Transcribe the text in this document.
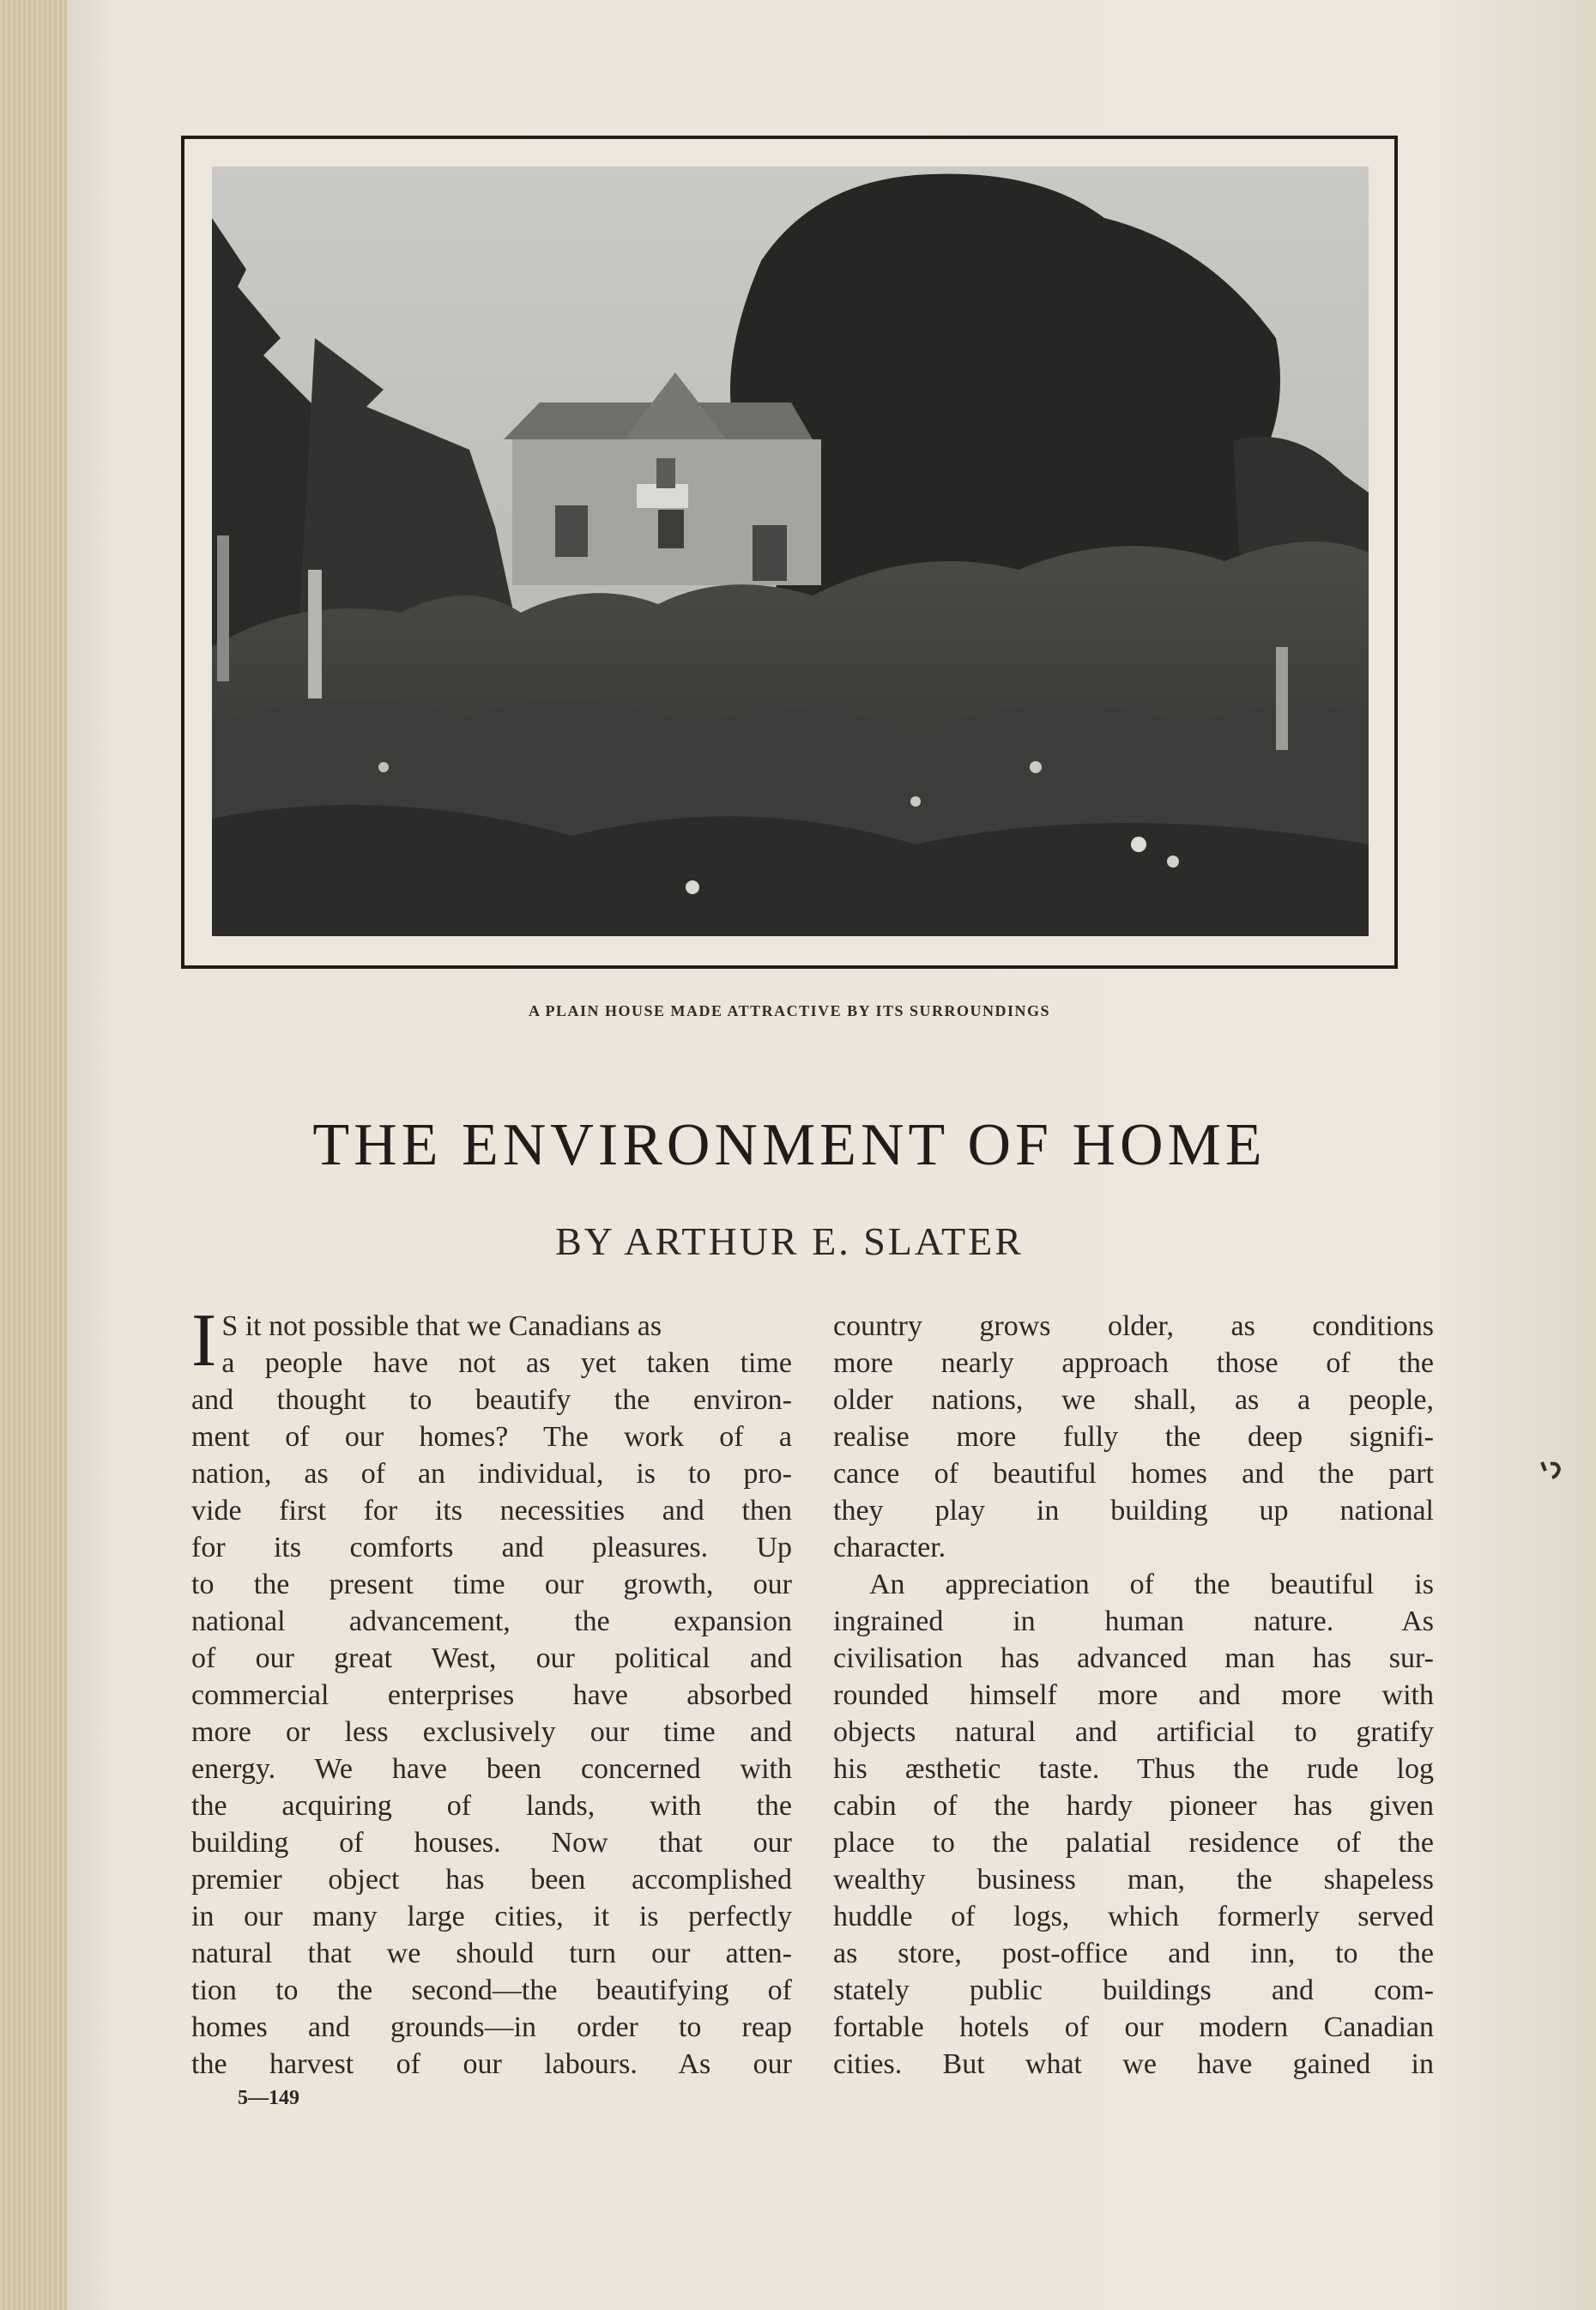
A PLAIN HOUSE MADE ATTRACTIVE BY ITS SURROUNDINGS
THE ENVIRONMENT OF HOME
BY ARTHUR E. SLATER
I S it not possible that we Canadians as
a people have not as yet taken time
and thought to beautify the environ-
ment of our homes? The work of a
nation, as of an individual, is to pro-
vide first for its necessities and then
for its comforts and pleasures. Up
to the present time our growth, our
national advancement, the expansion
of our great West, our political and
commercial enterprises have absorbed
more or less exclusively our time and
energy. We have been concerned with
the acquiring of lands, with the
building of houses. Now that our
premier object has been accomplished
in our many large cities, it is perfectly
natural that we should turn our atten-
tion to the second—the beautifying of
homes and grounds—in order to reap
the harvest of our labours. As our
country grows older, as conditions
more nearly approach those of the
older nations, we shall, as a people,
realise more fully the deep signifi-
cance of beautiful homes and the part
they play in building up national
character.
An appreciation of the beautiful is
ingrained in human nature. As
civilisation has advanced man has sur-
rounded himself more and more with
objects natural and artificial to gratify
his æsthetic taste. Thus the rude log
cabin of the hardy pioneer has given
place to the palatial residence of the
wealthy business man, the shapeless
huddle of logs, which formerly served
as store, post-office and inn, to the
stately public buildings and com-
fortable hotels of our modern Canadian
cities. But what we have gained in
5—149
